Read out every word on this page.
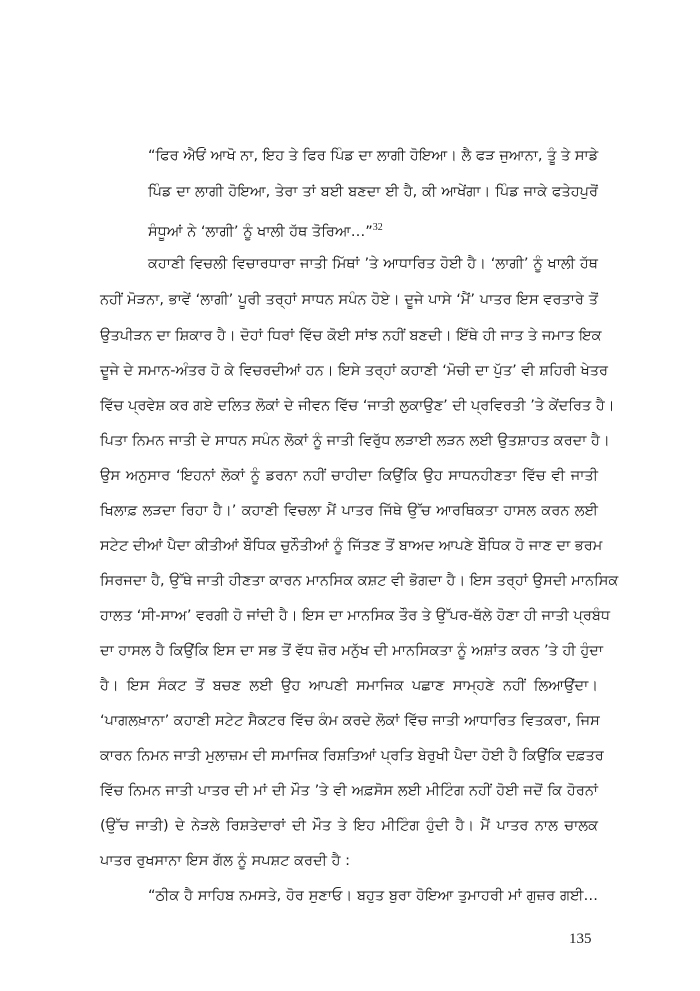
“ਫਿਰ ਐਓਂ ਆਖੋ ਨਾ, ਇਹ ਤੇ ਫਿਰ ਪਿੰਡ ਦਾ ਲਾਗੀ ਹੋਇਆ। ਲੈ ਫੜ ਜੁਆਨਾ, ਤੂੰ ਤੇ ਸਾਡੇ
ਪਿੰਡ ਦਾ ਲਾਗੀ ਹੋਇਆ, ਤੇਰਾ ਤਾਂ ਬਈ ਬਣਦਾ ਈ ਹੈ, ਕੀ ਆਖੇਂਗਾ। ਪਿੰਡ ਜਾਕੇ ਫਤੇਹਪੁਰੋਂ
ਸੰਧੂਆਂ ਨੇ ‘ਲਾਗੀ’ ਨੂੰ ਖਾਲੀ ਹੱਥ ਤੋਰਿਆ…”$^{32}$
ਕਹਾਣੀ ਵਿਚਲੀ ਵਿਚਾਰਧਾਰਾ ਜਾਤੀ ਮਿੱਥਾਂ ’ਤੇ ਆਧਾਰਿਤ ਹੋਈ ਹੈ। ‘ਲਾਗੀ’ ਨੂੰ ਖਾਲੀ ਹੱਥ
ਨਹੀਂ ਮੋੜਨਾ, ਭਾਵੇਂ ‘ਲਾਗੀ’ ਪੂਰੀ ਤਰ੍ਹਾਂ ਸਾਧਨ ਸਪੰਨ ਹੋਏ। ਦੂਜੇ ਪਾਸੇ ‘ਮੈਂ’ ਪਾਤਰ ਇਸ ਵਰਤਾਰੇ ਤੋਂ
ਉਤਪੀੜਨ ਦਾ ਸ਼ਿਕਾਰ ਹੈ। ਦੋਹਾਂ ਧਿਰਾਂ ਵਿੱਚ ਕੋਈ ਸਾਂਝ ਨਹੀਂ ਬਣਦੀ। ਇੱਥੇ ਹੀ ਜਾਤ ਤੇ ਜਮਾਤ ਇਕ
ਦੂਜੇ ਦੇ ਸਮਾਨ-ਅੰਤਰ ਹੋ ਕੇ ਵਿਚਰਦੀਆਂ ਹਨ। ਇਸੇ ਤਰ੍ਹਾਂ ਕਹਾਣੀ ‘ਮੋਚੀ ਦਾ ਪੁੱਤ’ ਵੀ ਸ਼ਹਿਰੀ ਖੇਤਰ
ਵਿੱਚ ਪ੍ਰਵੇਸ਼ ਕਰ ਗਏ ਦਲਿਤ ਲੋਕਾਂ ਦੇ ਜੀਵਨ ਵਿੱਚ ‘ਜਾਤੀ ਲੁਕਾਉਣ’ ਦੀ ਪ੍ਰਵਿਰਤੀ ’ਤੇ ਕੇਂਦਰਿਤ ਹੈ।
ਪਿਤਾ ਨਿਮਨ ਜਾਤੀ ਦੇ ਸਾਧਨ ਸਪੰਨ ਲੋਕਾਂ ਨੂੰ ਜਾਤੀ ਵਿਰੁੱਧ ਲੜਾਈ ਲੜਨ ਲਈ ਉਤਸ਼ਾਹਤ ਕਰਦਾ ਹੈ।
ਉਸ ਅਨੁਸਾਰ ‘ਇਹਨਾਂ ਲੋਕਾਂ ਨੂੰ ਡਰਨਾ ਨਹੀਂ ਚਾਹੀਦਾ ਕਿਉਂਕਿ ਉਹ ਸਾਧਨਹੀਣਤਾ ਵਿੱਚ ਵੀ ਜਾਤੀ
ਖਿਲਾਫ਼ ਲੜਦਾ ਰਿਹਾ ਹੈ।’ ਕਹਾਣੀ ਵਿਚਲਾ ਮੈਂ ਪਾਤਰ ਜਿੱਥੇ ਉੱਚ ਆਰਥਿਕਤਾ ਹਾਸਲ ਕਰਨ ਲਈ
ਸਟੇਟ ਦੀਆਂ ਪੈਦਾ ਕੀਤੀਆਂ ਬੌਧਿਕ ਚੁਨੌਤੀਆਂ ਨੂੰ ਜਿੱਤਣ ਤੋਂ ਬਾਅਦ ਆਪਣੇ ਬੌਧਿਕ ਹੋ ਜਾਣ ਦਾ ਭਰਮ
ਸਿਰਜਦਾ ਹੈ, ਉੱਥੇ ਜਾਤੀ ਹੀਣਤਾ ਕਾਰਨ ਮਾਨਸਿਕ ਕਸ਼ਟ ਵੀ ਭੋਗਦਾ ਹੈ। ਇਸ ਤਰ੍ਹਾਂ ਉਸਦੀ ਮਾਨਸਿਕ
ਹਾਲਤ ‘ਸੀ-ਸਾਅ’ ਵਰਗੀ ਹੋ ਜਾਂਦੀ ਹੈ। ਇਸ ਦਾ ਮਾਨਸਿਕ ਤੌਰ ਤੇ ਉੱਪਰ-ਥੱਲੇ ਹੋਣਾ ਹੀ ਜਾਤੀ ਪ੍ਰਬੰਧ
ਦਾ ਹਾਸਲ ਹੈ ਕਿਉਂਕਿ ਇਸ ਦਾ ਸਭ ਤੋਂ ਵੱਧ ਜ਼ੋਰ ਮਨੁੱਖ ਦੀ ਮਾਨਸਿਕਤਾ ਨੂੰ ਅਸ਼ਾਂਤ ਕਰਨ ’ਤੇ ਹੀ ਹੁੰਦਾ
ਹੈ। ਇਸ ਸੰਕਟ ਤੋਂ ਬਚਣ ਲਈ ਉਹ ਆਪਣੀ ਸਮਾਜਿਕ ਪਛਾਣ ਸਾਮ੍ਹਣੇ ਨਹੀਂ ਲਿਆਉਂਦਾ।
‘ਪਾਗਲਖ਼ਾਨਾ’ ਕਹਾਣੀ ਸਟੇਟ ਸੈਕਟਰ ਵਿੱਚ ਕੰਮ ਕਰਦੇ ਲੋਕਾਂ ਵਿੱਚ ਜਾਤੀ ਆਧਾਰਿਤ ਵਿਤਕਰਾ, ਜਿਸ
ਕਾਰਨ ਨਿਮਨ ਜਾਤੀ ਮੁਲਾਜ਼ਮ ਦੀ ਸਮਾਜਿਕ ਰਿਸ਼ਤਿਆਂ ਪ੍ਰਤਿ ਬੇਰੁਖੀ ਪੈਦਾ ਹੋਈ ਹੈ ਕਿਉਂਕਿ ਦਫ਼ਤਰ
ਵਿੱਚ ਨਿਮਨ ਜਾਤੀ ਪਾਤਰ ਦੀ ਮਾਂ ਦੀ ਮੌਤ ’ਤੇ ਵੀ ਅਫ਼ਸੋਸ ਲਈ ਮੀਟਿੰਗ ਨਹੀਂ ਹੋਈ ਜਦੋਂ ਕਿ ਹੋਰਨਾਂ
(ਉੱਚ ਜਾਤੀ) ਦੇ ਨੇੜਲੇ ਰਿਸ਼ਤੇਦਾਰਾਂ ਦੀ ਮੌਤ ਤੇ ਇਹ ਮੀਟਿੰਗ ਹੁੰਦੀ ਹੈ। ਮੈਂ ਪਾਤਰ ਨਾਲ ਚਾਲਕ
ਪਾਤਰ ਰੁਖਸਾਨਾ ਇਸ ਗੱਲ ਨੂੰ ਸਪਸ਼ਟ ਕਰਦੀ ਹੈ :
“ਠੀਕ ਹੈ ਸਾਹਿਬ ਨਮਸਤੇ, ਹੋਰ ਸੁਣਾਓ। ਬਹੁਤ ਬੁਰਾ ਹੋਇਆ ਤੁਮਾਹਰੀ ਮਾਂ ਗੁਜ਼ਰ ਗਈ…
135
